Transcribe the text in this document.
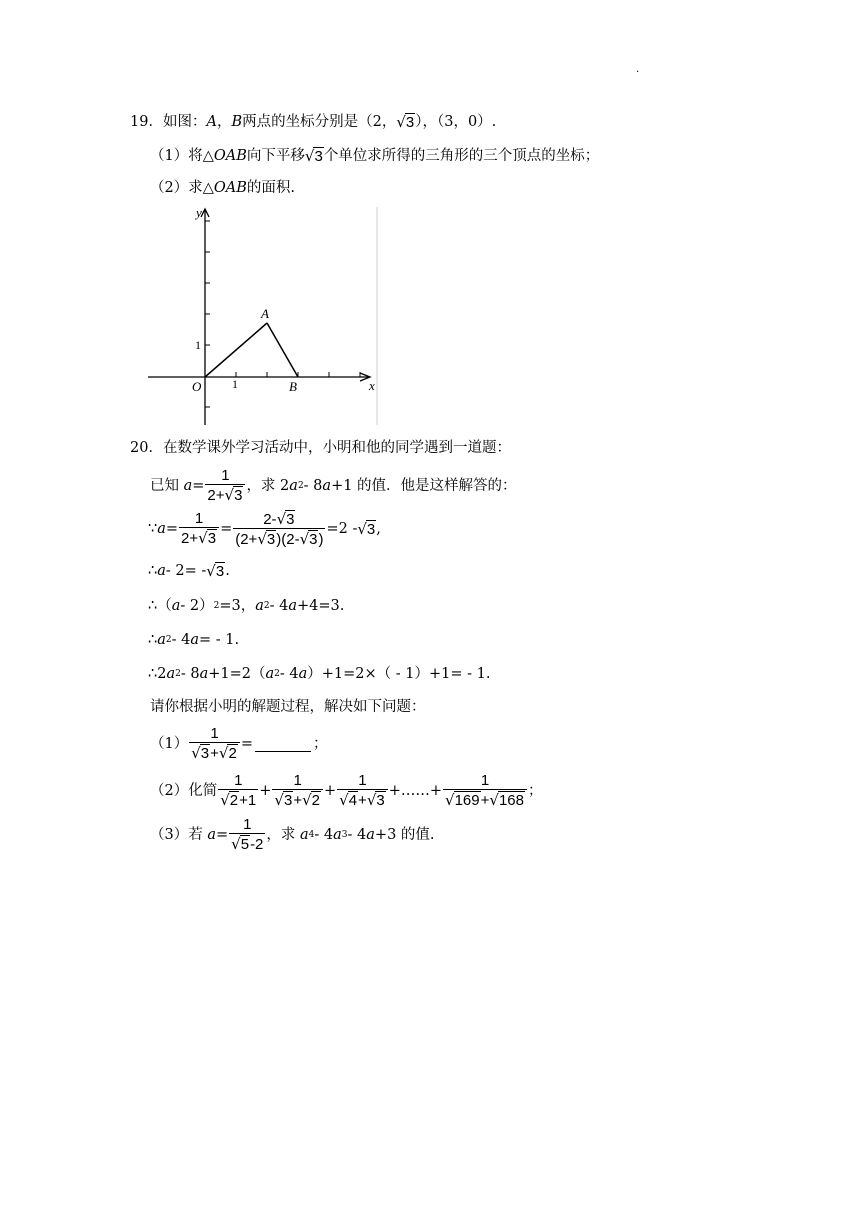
.
19． 如图： A ， B 两点的坐标分别是（2， √ 3 ），（3，0）.
（1）将△ OAB 向下平移 √ 3 个单位求所得的三角形的三个顶点的坐标；
（2）求△ OAB 的面积.
y
x
O
A
B
1
1
20． 在数学课外学习活动中，小明和他的同学遇到一道题：
已知
$a = \frac{1}{2+ √ 3}$ ，求 2 a 2 - 8 a +1 的值．他是这样解答的：
∵ $a = \frac{1}{2+ √ 3} = \frac{2- √ 3}{(2+ √ 3 )(2- √ 3 )} =2$ - √ 3 ,
∴ a - 2= - √ 3 .
∴ （ a - 2） 2 =3， a 2 - 4 a +4=3.
∴ a 2 - 4 a = - 1.
∴ 2 a 2 - 8 a +1=2（ a 2 - 4 a ）+1=2×（ - 1）+1= - 1.
请你根据小明的解题过程，解决如下问题：
$(1) \frac{1}{√ 3 + √ 2}$ =	；
（2）化简 $\frac{1}{√ 2 +1} + \frac{1}{√ 3 + √ 2} + \frac{1}{√ 4 + √ 3}$ +……+ $\frac{1}{√ 169 + √ 168}$ ；
（3）若
$a = \frac{1}{√ 5 -2}$ ，求
a 4 - 4 a 3 - 4 a +3 的值.
